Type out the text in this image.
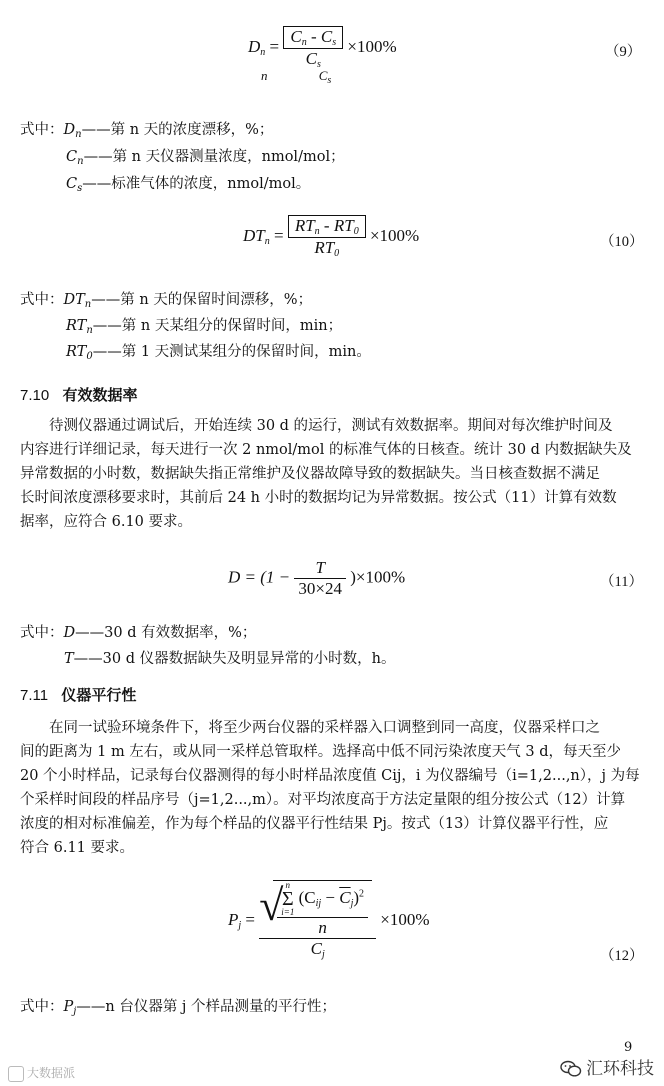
$D_n = \frac{C_n - C_s}{C_s} \times 100\%$
n	$C_s$
（9）
式中：$D_n——$第 n 天的浓度漂移，%；
$C_n——$第 n 天仪器测量浓度，nmol/mol；
$C_s——$标准气体的浓度，nmol/mol。
$DT_n = \frac{RT_n - RT_0}{RT_0} \times 100\%$	（10）
式中：$DT_n——$第 n 天的保留时间漂移，%；
$RT_n——$第 n 天某组分的保留时间，min；
$RT_0——$第 1 天测试某组分的保留时间，min。
7.10 有效数据率
待测仪器通过调试后，开始连续 30 d 的运行，测试有效数据率。期间对每次维护时间及
内容进行详细记录，每天进行一次 2 nmol/mol 的标准气体的日核查。统计 30 d 内数据缺失及
异常数据的小时数，数据缺失指正常维护及仪器故障导致的数据缺失。当日核查数据不满足
长时间浓度漂移要求时，其前后 24 h 小时的数据均记为异常数据。按公式（11）计算有效数
据率，应符合 6.10 要求。
$D = (1 - \frac{T}{30\times 24} )\times 100\%$	（11）
式中：D——30 d 有效数据率，%；
T——30 d 仪器数据缺失及明显异常的小时数，h。
7.11 仪器平行性
在同一试验环境条件下，将至少两台仪器的采样器入口调整到同一高度，仪器采样口之
间的距离为 1 m 左右，或从同一采样总管取样。选择高中低不同污染浓度天气 3 d，每天至少
20 个小时样品，记录每台仪器测得的每小时样品浓度值 Cij，i 为仪器编号（i=1,2...,n），j 为每
个采样时间段的样品序号（j=1,2...,m）。对平均浓度高于方法定量限的组分按公式（12）计算
浓度的相对标准偏差，作为每个样品的仪器平行性结果 Pj。按式（13）计算仪器平行性，应
符合 6.11 要求。
$P_j$ = √ n
Σ
i=1
$(C_{ij} - \overline{C}_j)^2$
n
$\overline{C}_j$
×100%
（12）
式中：$P_j——n$ 台仪器第 j 个样品测量的平行性；
9
大数据派	汇环科技
